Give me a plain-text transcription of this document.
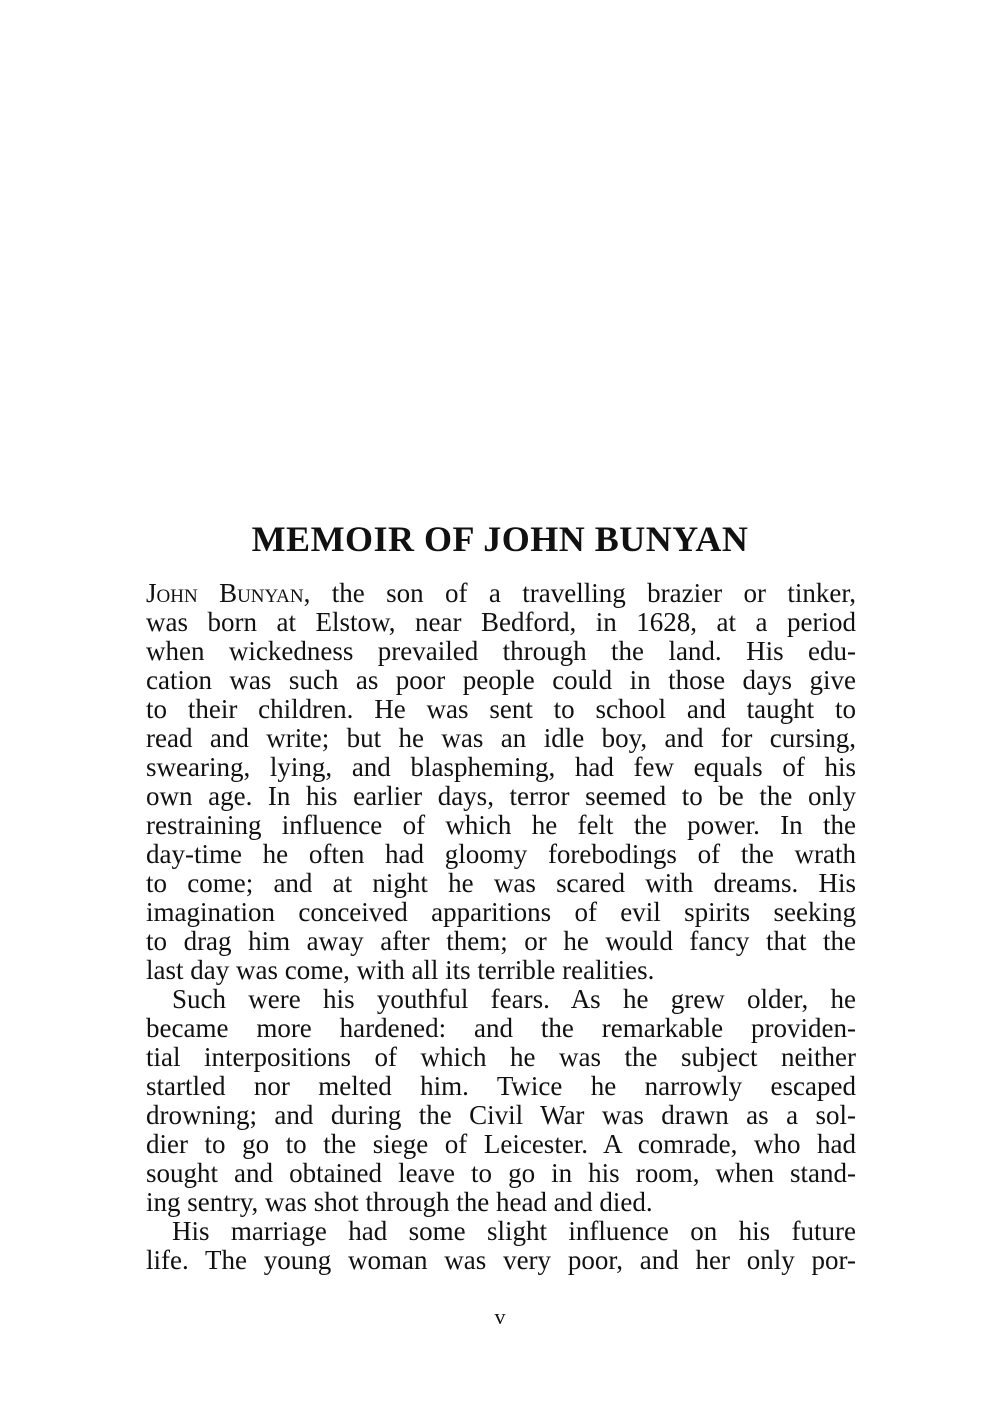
MEMOIR OF JOHN BUNYAN
John Bunyan, the son of a travelling brazier or tinker,
was born at Elstow, near Bedford, in 1628, at a period
when wickedness prevailed through the land. His edu-
cation was such as poor people could in those days give
to their children. He was sent to school and taught to
read and write; but he was an idle boy, and for cursing,
swearing, lying, and blaspheming, had few equals of his
own age. In his earlier days, terror seemed to be the only
restraining influence of which he felt the power. In the
day-time he often had gloomy forebodings of the wrath
to come; and at night he was scared with dreams. His
imagination conceived apparitions of evil spirits seeking
to drag him away after them; or he would fancy that the
last day was come, with all its terrible realities.
Such were his youthful fears. As he grew older, he
became more hardened: and the remarkable providen-
tial interpositions of which he was the subject neither
startled nor melted him. Twice he narrowly escaped
drowning; and during the Civil War was drawn as a sol-
dier to go to the siege of Leicester. A comrade, who had
sought and obtained leave to go in his room, when stand-
ing sentry, was shot through the head and died.
His marriage had some slight influence on his future
life. The young woman was very poor, and her only por-
v
